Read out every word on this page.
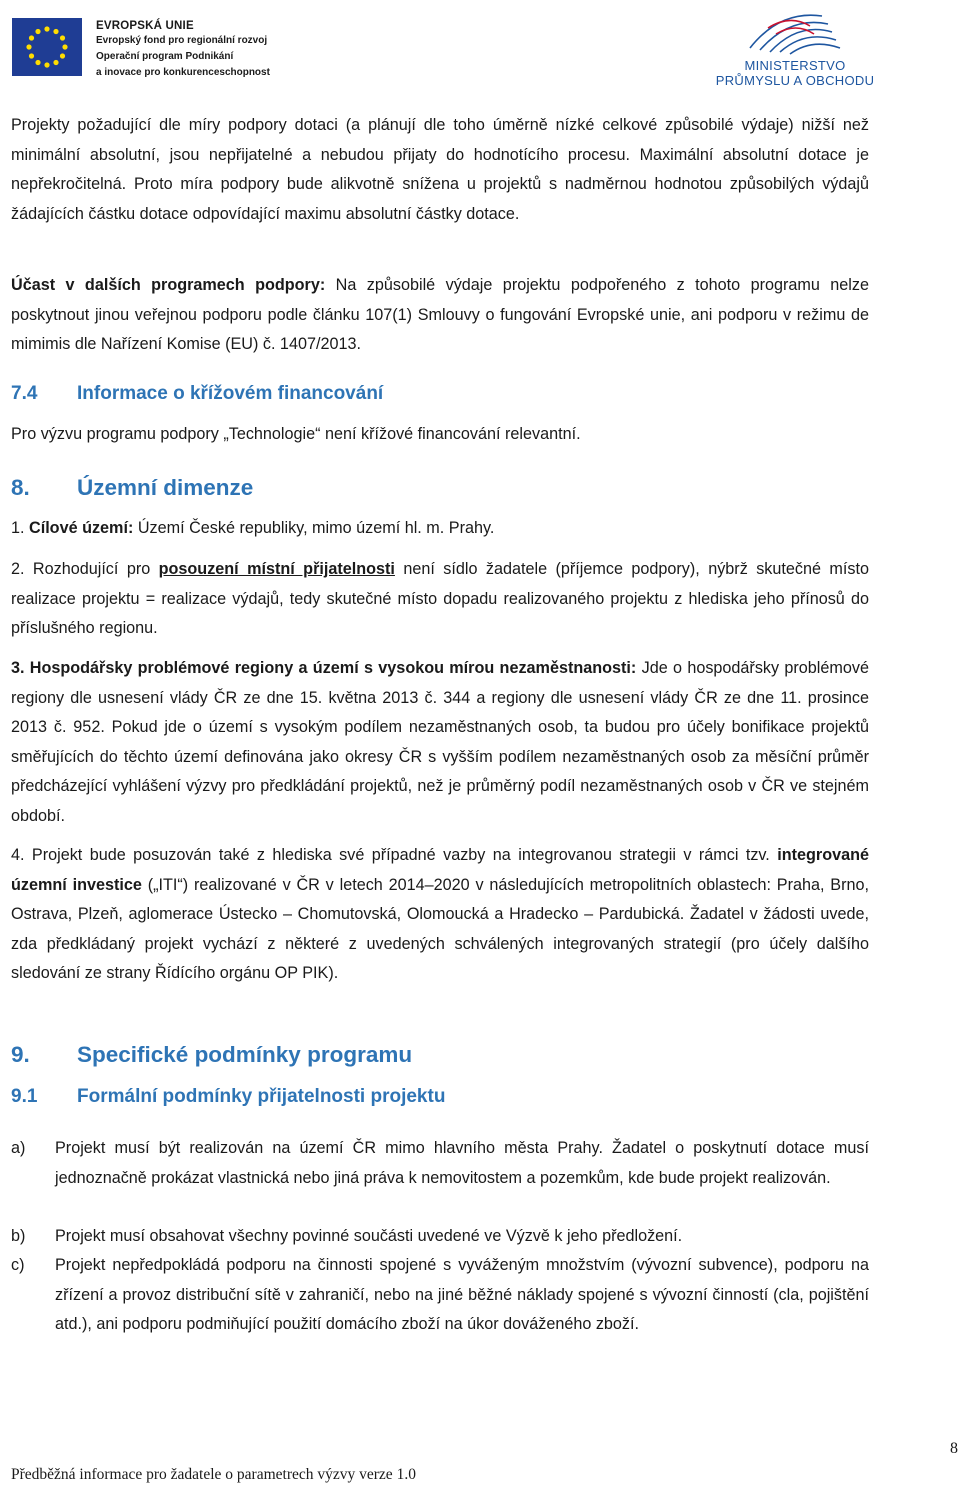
EVROPSKÁ UNIE
Evropský fond pro regionální rozvoj
Operační program Podnikání
a inovace pro konkurenceschopnost	MINISTERSTVO
PRŮMYSLU A OBCHODU
Projekty požadující dle míry podpory dotaci (a plánují dle toho úměrně nízké celkové způsobilé výdaje) nižší než minimální absolutní, jsou nepřijatelné a nebudou přijaty do hodnotícího procesu. Maximální absolutní dotace je nepřekročitelná. Proto míra podpory bude alikvotně snížena u projektů s nadměrnou hodnotou způsobilých výdajů žádajících částku dotace odpovídající maximu absolutní částky dotace.
Účast v dalších programech podpory: Na způsobilé výdaje projektu podpořeného z tohoto programu nelze poskytnout jinou veřejnou podporu podle článku 107(1) Smlouvy o fungování Evropské unie, ani podporu v režimu de mimimis dle Nařízení Komise (EU) č. 1407/2013.
7.4 Informace o křížovém financování
Pro výzvu programu podpory „Technologie“ není křížové financování relevantní.
8. Územní dimenze
1. Cílové území: Území České republiky, mimo území hl. m. Prahy.
2. Rozhodující pro posouzení místní přijatelnosti není sídlo žadatele (příjemce podpory), nýbrž skutečné místo realizace projektu = realizace výdajů, tedy skutečné místo dopadu realizovaného projektu z hlediska jeho přínosů do příslušného regionu.
3. Hospodářsky problémové regiony a území s vysokou mírou nezaměstnanosti: Jde o hospodářsky problémové regiony dle usnesení vlády ČR ze dne 15. května 2013 č. 344 a regiony dle usnesení vlády ČR ze dne 11. prosince 2013 č. 952. Pokud jde o území s vysokým podílem nezaměstnaných osob, ta budou pro účely bonifikace projektů směřujících do těchto území definována jako okresy ČR s vyšším podílem nezaměstnaných osob za měsíční průměr předcházející vyhlášení výzvy pro předkládání projektů, než je průměrný podíl nezaměstnaných osob v ČR ve stejném období.
4. Projekt bude posuzován také z hlediska své případné vazby na integrovanou strategii v rámci tzv. integrované územní investice („ITI“) realizované v ČR v letech 2014–2020 v následujících metropolitních oblastech: Praha, Brno, Ostrava, Plzeň, aglomerace Ústecko – Chomutovská, Olomoucká a Hradecko – Pardubická. Žadatel v žádosti uvede, zda předkládaný projekt vychází z některé z uvedených schválených integrovaných strategií (pro účely dalšího sledování ze strany Řídícího orgánu OP PIK).
9. Specifické podmínky programu
9.1 Formální podmínky přijatelnosti projektu
a) Projekt musí být realizován na území ČR mimo hlavního města Prahy. Žadatel o poskytnutí dotace musí jednoznačně prokázat vlastnická nebo jiná práva k nemovitostem a pozemkům, kde bude projekt realizován.
b) Projekt musí obsahovat všechny povinné součásti uvedené ve Výzvě k jeho předložení.
c) Projekt nepředpokládá podporu na činnosti spojené s vyváženým množstvím (vývozní subvence), podporu na zřízení a provoz distribuční sítě v zahraničí, nebo na jiné běžné náklady spojené s vývozní činností (cla, pojištění atd.), ani podporu podmiňující použití domácího zboží na úkor dováženého zboží.
8
Předběžná informace pro žadatele o parametrech výzvy verze 1.0
